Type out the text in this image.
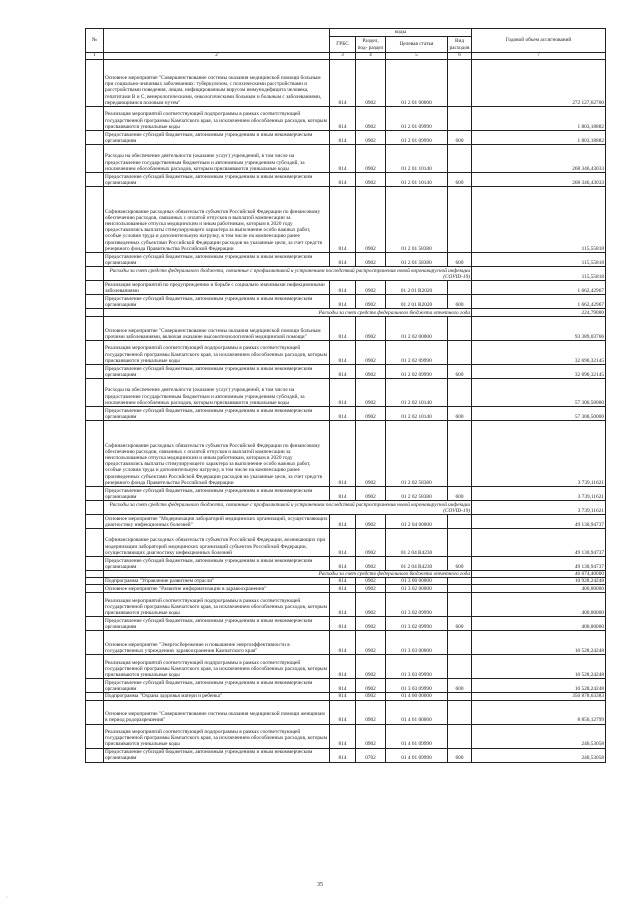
№		коды				Годовой объем ассигнований
		ГРБС	Раздел, под- раздел	Целевая статья	Вид расходов	
1	2	3	4	5	6	7
	Основное мероприятие "Совершенствование системы оказания медицинской помощи больным при социально-значимых заболеваниях: туберкулезом, с психическими расстройствами и расстройствами поведения, лицам, инфицированным вирусом иммунодефицита человека, гепатитами В и С, венерологическими, онкологическими больным и больным с заболеваниями, передающимися половым путем"	814	0902	01 2 01 00000		272 127,62700
	Реализация мероприятий соответствующей подпрограммы в рамках соответствующей государственной программы Камчатского края, за исключением обособленных расходов, которым присваиваются уникальные коды	814	0902	01 2 01 09990		1 803,18882
	Предоставление субсидий бюджетным, автономным учреждениям и иным некоммерческим организациям	814	0902	01 2 01 09990	600	1 803,18882
	Расходы на обеспечение деятельности (оказание услуг) учреждений, в том числе на предоставление государственным бюджетным и автономным учреждениям субсидий, за исключением обособленных расходов, которым присваиваются уникальные коды	814	0902	01 2 01 10140		268 346,43033
	Предоставление субсидий бюджетным, автономным учреждениям и иным некоммерческим организациям	814	0902	01 2 01 10140	600	268 346,43033
	Софинансирование расходных обязательств субъектов Российской Федерации по финансовому обеспечению расходов, связанных с оплатой отпусков и выплатой компенсации за неиспользованные отпуска медицинским и иным работникам, которым в 2020 году предоставлялись выплаты стимулирующего характера за выполнение особо важных работ, особые условия труда и дополнительную нагрузку, в том числе на компенсацию ранее произведенных субъектами Российской Федерации расходов на указанные цели, за счет средств резервного фонда Правительства Российской Федерации	814	0902	01 2 01 58380		115,55818
	Предоставление субсидий бюджетным, автономным учреждениям и иным некоммерческим организациям	814	0902	01 2 01 58380	600	115,55818
	Расходы за счет средств федерального бюджета, связанные с профилактикой и устранением последствий распространения новой коронавирусной инфекции (COVID-19)					115,55818
	Реализация мероприятий по предупреждению и борьбе с социально значимыми инфекционными заболеваниями	814	0902	01 2 01 R2020		1 662,42967
	Предоставление субсидий бюджетным, автономным учреждениям и иным некоммерческим организациям	814	0902	01 2 01 R2020	600	1 662,42967
	Расходы за счет средств федерального бюджета отчетного года					224,79000
	Основное мероприятие "Совершенствование системы оказания медицинской помощи больным прочими заболеваниями, включая оказание высокотехнологичной медицинской помощи"	814	0902	01 2 02 00000		93 389,03766
	Реализация мероприятий соответствующей подпрограммы в рамках соответствующей государственной программы Камчатского края, за исключением обособленных расходов, которым присваиваются уникальные коды	814	0902	01 2 02 09990		32 690,32145
	Предоставление субсидий бюджетным, автономным учреждениям и иным некоммерческим организациям	814	0902	01 2 02 09990	600	32 690,32145
	Расходы на обеспечение деятельности (оказание услуг) учреждений, в том числе на предоставление государственным бюджетным и автономным учреждениям субсидий, за исключением обособленных расходов, которым присваиваются уникальные коды	814	0902	01 2 02 10140		57 300,50000
	Предоставление субсидий бюджетным, автономным учреждениям и иным некоммерческим организациям	814	0902	01 2 02 10140	600	57 300,50000
	Софинансирование расходных обязательств субъектов Российской Федерации по финансовому обеспечению расходов, связанных с оплатой отпусков и выплатой компенсации за неиспользованные отпуска медицинским и иным работникам, которым в 2020 году предоставлялись выплаты стимулирующего характера за выполнение особо важных работ, особые условия труда и дополнительную нагрузку, в том числе на компенсацию ранее произведенных субъектами Российской Федерации расходов на указанные цели, за счет средств резервного фонда Правительства Российской Федерации	814	0902	01 2 02 58380		3 739,11621
	Предоставление субсидий бюджетным, автономным учреждениям и иным некоммерческим организациям	814	0902	01 2 02 58380	600	3 739,11621
	Расходы за счет средств федерального бюджета, связанные с профилактикой и устранением последствий распространения новой коронавирусной инфекции (COVID-19)					3 739,11621
	Основное мероприятие "Модернизация лабораторий медицинских организаций, осуществляющих диагностику инфекционных болезней"	814	0902	01 2 04 00000		49 130,94737
	Софинансирование расходных обязательств субъектов Российской Федерации, возникающих при модернизации лабораторий медицинских организаций субъектов Российской Федерации, осуществляющих диагностику инфекционных болезней	814	0902	01 2 04 R4230		49 130,94737
	Предоставление субсидий бюджетным, автономным учреждениям и иным некоммерческим организациям	814	0902	01 2 04 R4230	600	49 130,94737
	Расходы за счет средств федерального бюджета отчетного года					46 674,40000
	Подпрограмма "Управление развитием отрасли"	814	0902	01 3 00 00000		10 928,24248
	Основное мероприятие "Развитие информатизации в здравоохранении"	814	0902	01 3 02 00000		400,00000
	Реализация мероприятий соответствующей подпрограммы в рамках соответствующей государственной программы Камчатского края, за исключением обособленных расходов, которым присваиваются уникальные коды	814	0902	01 3 02 09990		400,00000
	Предоставление субсидий бюджетным, автономным учреждениям и иным некоммерческим организациям	814	0902	01 3 02 09990	600	400,00000
	Основное мероприятие "Энергосбережение и повышение энергоэффективности в государственных учреждениях здравоохранения Камчатского края"	814	0902	01 3 03 00000		10 528,24248
	Реализация мероприятий соответствующей подпрограммы в рамках соответствующей государственной программы Камчатского края, за исключением обособленных расходов, которым присваиваются уникальные коды	814	0902	01 3 03 09990		10 528,24248
	Предоставление субсидий бюджетным, автономным учреждениям и иным некоммерческим организациям	814	0902	01 3 03 09990	600	10 528,24248
	Подпрограмма "Охрана здоровья матери и ребенка"	814	0902	01 4 00 00000		350 878,63383
	Основное мероприятие "Совершенствование системы оказания медицинской помощи женщинам в период родоразрешения"	814	0902	01 4 01 00000		8 850,12799
	Реализация мероприятий соответствующей подпрограммы в рамках соответствующей государственной программы Камчатского края, за исключением обособленных расходов, которым присваиваются уникальные коды	814	0902	01 4 01 09990		240,53058
	Предоставление субсидий бюджетным, автономным учреждениям и иным некоммерческим организациям	814	0702	01 4 01 09990	600	240,53058
35
·
